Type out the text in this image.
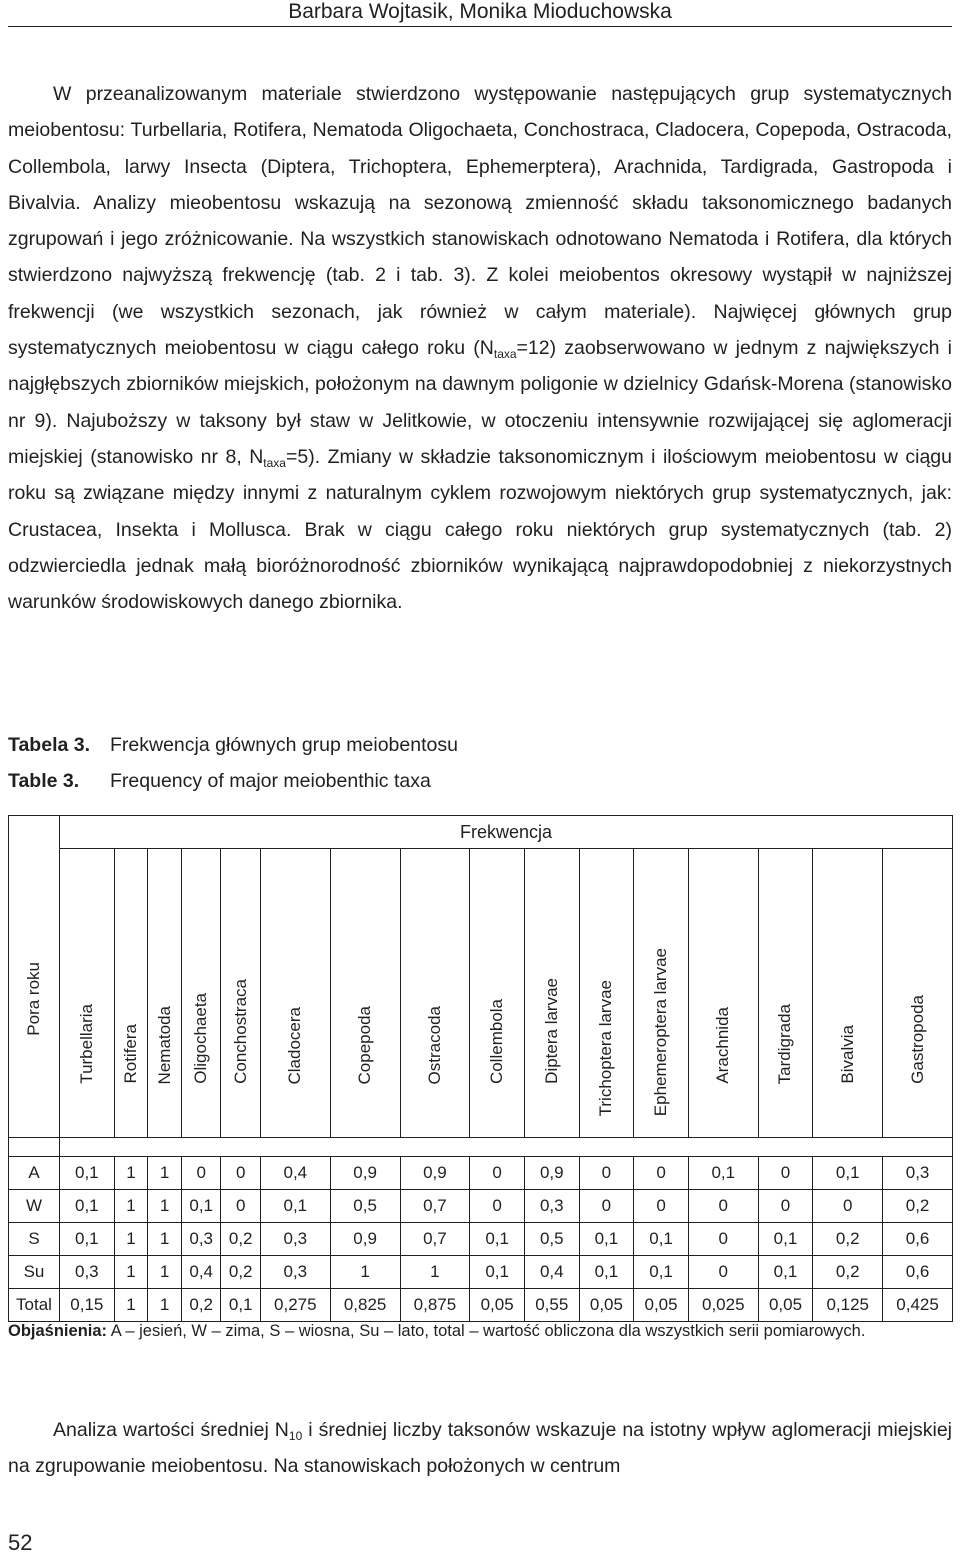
Barbara Wojtasik, Monika Mioduchowska

W przeanalizowanym materiale stwierdzono występowanie następujących grup systematycznych meiobentosu: Turbellaria, Rotifera, Nematoda Oligochaeta, Conchostraca, Cladocera, Copepoda, Ostracoda, Collembola, larwy Insecta (Diptera, Trichoptera, Ephemerptera), Arachnida, Tardigrada, Gastropoda i Bivalvia. Analizy mieobentosu wskazują na sezonową zmienność składu taksonomicznego badanych zgrupowań i jego zróżnicowanie. Na wszystkich stanowiskach odnotowano Nematoda i Rotifera, dla których stwierdzono najwyższą frekwencję (tab. 2 i tab. 3). Z kolei meiobentos okresowy wystąpił w najniższej frekwencji (we wszystkich sezonach, jak również w całym materiale). Najwięcej głównych grup systematycznych meiobentosu w ciągu całego roku $(N_{taxa}=12)$ zaobserwowano w jednym z największych i najgłębszych zbiorników miejskich, położonym na dawnym poligonie w dzielnicy Gdańsk-Morena (stanowisko nr 9). Najuboższy w taksony był staw w Jelitkowie, w otoczeniu intensywnie rozwijającej się aglomeracji miejskiej (stanowisko nr 8, $N_{taxa}=5$). Zmiany w składzie taksonomicznym i ilościowym meiobentosu w ciągu roku są związane między innymi z naturalnym cyklem rozwojowym niektórych grup systematycznych, jak: Crustacea, Insekta i Mollusca. Brak w ciągu całego roku niektórych grup systematycznych (tab. 2) odzwierciedla jednak małą bioróżnorodność zbiorników wynikającą najprawdopodobniej z niekorzystnych warunków środowiskowych danego zbiornika.

Tabela 3. Frekwencja głównych grup meiobentosu
Table 3. Frequency of major meiobenthic taxa
Pora roku	Frekwencja															
	Turbellaria	Rotifera	Nematoda	Oligochaeta	Conchostraca	Cladocera	Copepoda	Ostracoda	Collembola	Diptera larvae	Trichoptera larvae	Ephemeroptera larvae	Arachnida	Tardigrada	Bivalvia	Gastropoda

A	0,1	1	1	0	0	0,4	0,9	0,9	0	0,9	0	0	0,1	0	0,1	0,3
W	0,1	1	1	0,1	0	0,1	0,5	0,7	0	0,3	0	0	0	0	0	0,2
S	0,1	1	1	0,3	0,2	0,3	0,9	0,7	0,1	0,5	0,1	0,1	0	0,1	0,2	0,6
Su	0,3	1	1	0,4	0,2	0,3	1	1	0,1	0,4	0,1	0,1	0	0,1	0,2	0,6
Total	0,15	1	1	0,2	0,1	0,275	0,825	0,875	0,05	0,55	0,05	0,05	0,025	0,05	0,125	0,425
Objaśnienia: A – jesień, W – zima, S – wiosna, Su – lato, total – wartość obliczona dla wszystkich serii pomiarowych.

Analiza wartości średniej $N_{10}$ i średniej liczby taksonów wskazuje na istotny wpływ aglomeracji miejskiej na zgrupowanie meiobentosu. Na stanowiskach położonych w centrum

52
